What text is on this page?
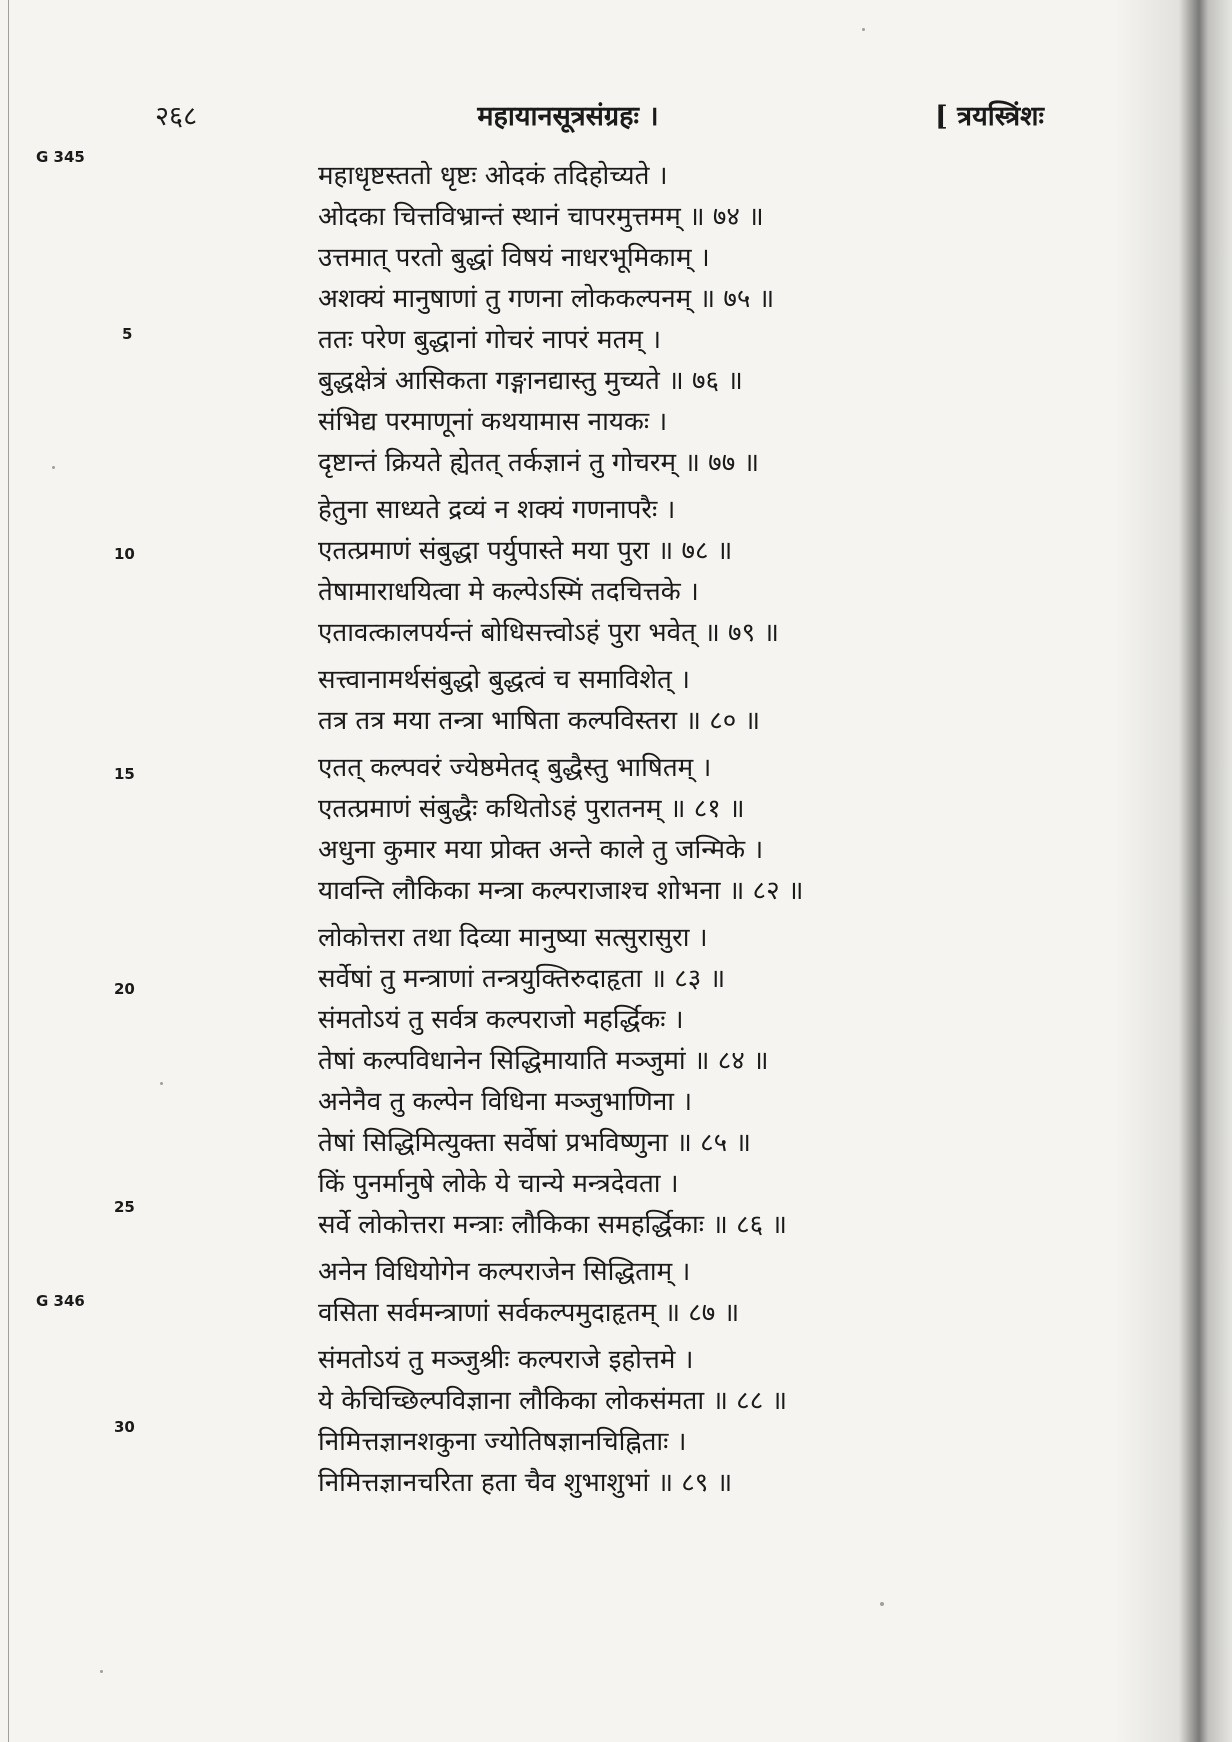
२६८	महायानसूत्रसंग्रहः ।	[ त्रयस्त्रिंशः
G 345
5
10
15
20
25
G 346
30
महाधृष्टस्ततो धृष्टः ओदकं तदिहोच्यते ।
ओदका चित्तविभ्रान्तं स्थानं चापरमुत्तमम् ॥ ७४ ॥
उत्तमात् परतो बुद्धां विषयं नाधरभूमिकाम् ।
अशक्यं मानुषाणां तु गणना लोककल्पनम् ॥ ७५ ॥
ततः परेण बुद्धानां गोचरं नापरं मतम् ।
बुद्धक्षेत्रं आसिकता गङ्गानद्यास्तु मुच्यते ॥ ७६ ॥
संभिद्य परमाणूनां कथयामास नायकः ।
दृष्टान्तं क्रियते ह्येतत् तर्कज्ञानं तु गोचरम् ॥ ७७ ॥
हेतुना साध्यते द्रव्यं न शक्यं गणनापरैः ।
एतत्प्रमाणं संबुद्धा पर्युपास्ते मया पुरा ॥ ७८ ॥
तेषामाराधयित्वा मे कल्पेऽस्मिं तदचित्तके ।
एतावत्कालपर्यन्तं बोधिसत्त्वोऽहं पुरा भवेत् ॥ ७९ ॥
सत्त्वानामर्थसंबुद्धो बुद्धत्वं च समाविशेत् ।
तत्र तत्र मया तन्त्रा भाषिता कल्पविस्तरा ॥ ८० ॥
एतत् कल्पवरं ज्येष्ठमेतद् बुद्धैस्तु भाषितम् ।
एतत्प्रमाणं संबुद्धैः कथितोऽहं पुरातनम् ॥ ८१ ॥
अधुना कुमार मया प्रोक्त अन्ते काले तु जन्मिके ।
यावन्ति लौकिका मन्त्रा कल्पराजाश्च शोभना ॥ ८२ ॥
लोकोत्तरा तथा दिव्या मानुष्या सत्सुरासुरा ।
सर्वेषां तु मन्त्राणां तन्त्रयुक्तिरुदाहृता ॥ ८३ ॥
संमतोऽयं तु सर्वत्र कल्पराजो महर्द्धिकः ।
तेषां कल्पविधानेन सिद्धिमायाति मञ्जुमां ॥ ८४ ॥
अनेनैव तु कल्पेन विधिना मञ्जुभाणिना ।
तेषां सिद्धिमित्युक्ता सर्वेषां प्रभविष्णुना ॥ ८५ ॥
किं पुनर्मानुषे लोके ये चान्ये मन्त्रदेवता ।
सर्वे लोकोत्तरा मन्त्राः लौकिका समहर्द्धिकाः ॥ ८६ ॥
अनेन विधियोगेन कल्पराजेन सिद्धिताम् ।
वसिता सर्वमन्त्राणां सर्वकल्पमुदाहृतम् ॥ ८७ ॥
संमतोऽयं तु मञ्जुश्रीः कल्पराजे इहोत्तमे ।
ये केचिच्छिल्पविज्ञाना लौकिका लोकसंमता ॥ ८८ ॥
निमित्तज्ञानशकुना ज्योतिषज्ञानचिह्निताः ।
निमित्तज्ञानचरिता हता चैव शुभाशुभां ॥ ८९ ॥
